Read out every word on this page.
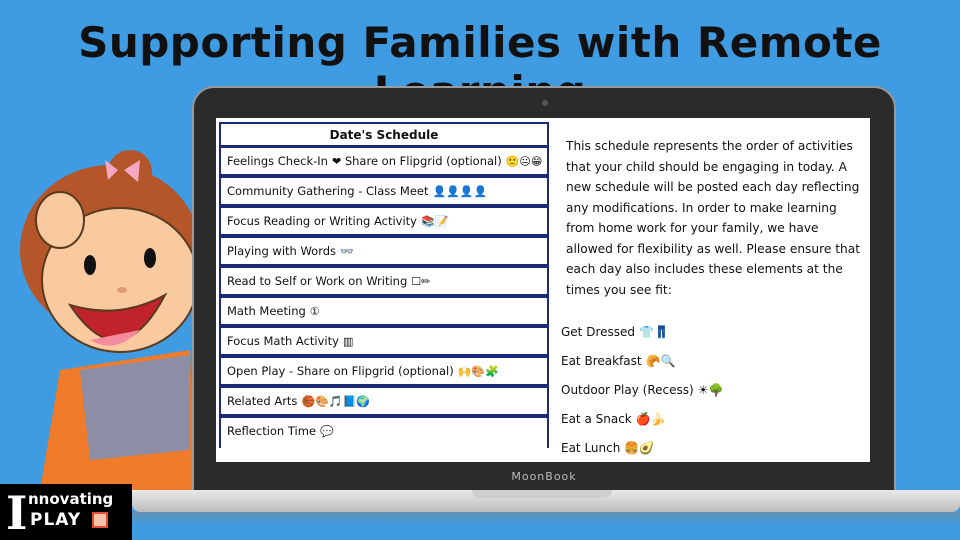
Supporting Families with Remote
Date's Schedule
Feelings Check-In ❤ Share on Flipgrid (optional) 🙂😐😁
Community Gathering - Class Meet 👤👤👤👤
Focus Reading or Writing Activity 📚📝
Playing with Words 👓
Read to Self or Work on Writing ☐✏
Math Meeting ①
Focus Math Activity ▥
Open Play - Share on Flipgrid (optional) 🙌🎨🧩
Related Arts 🏀🎨🎵📘🌍
Reflection Time 💬
This schedule represents the order of activities that your child should be engaging in today. A new schedule will be posted each day reflecting any modifications. In order to make learning from home work for your family, we have allowed for flexibility as well. Please ensure that each day also includes these elements at the times you see fit:
Get Dressed 👕👖
Eat Breakfast 🥐🔍
Outdoor Play (Recess) ☀🌳
Eat a Snack 🍎🍌
Eat Lunch 🍔🥑
MoonBook
I nnovating
PLAY
